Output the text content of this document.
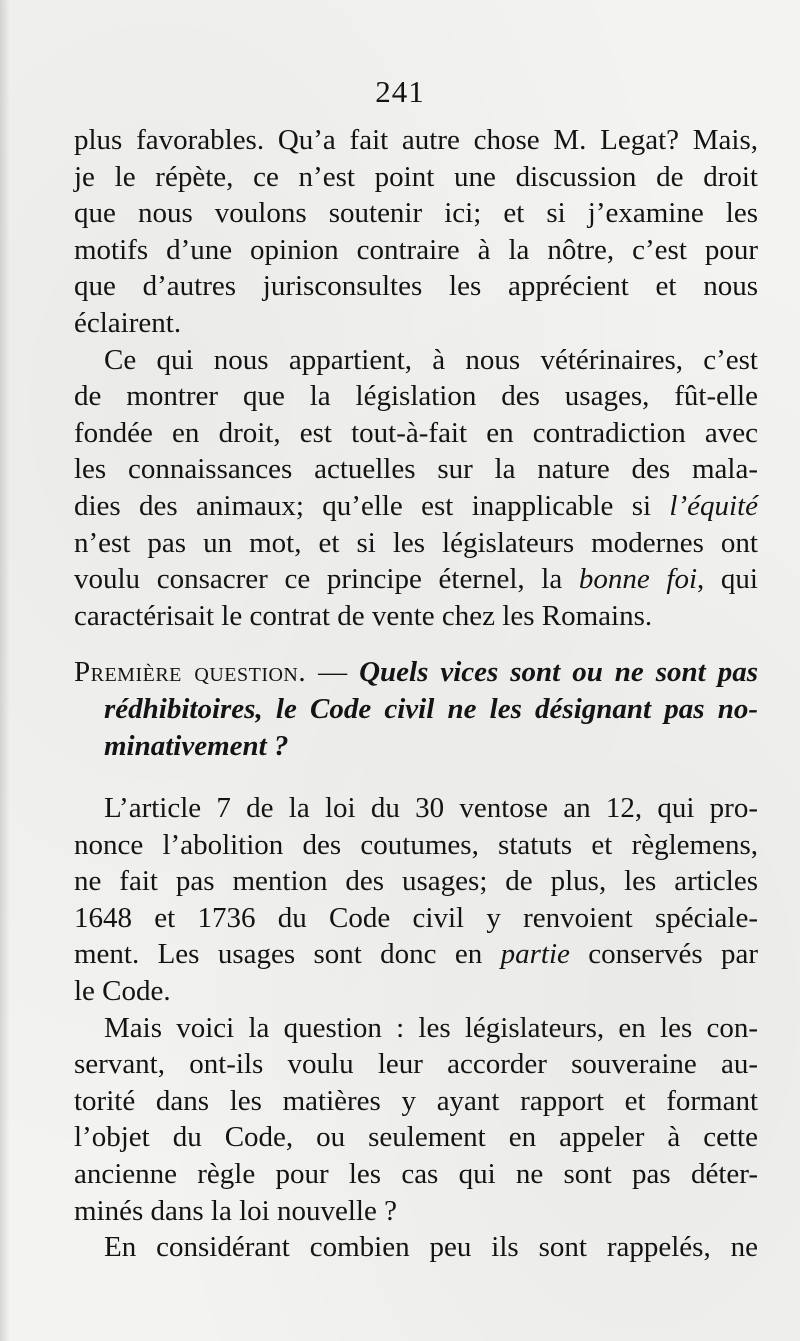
241
plus favorables. Qu’a fait autre chose M. Legat? Mais,
je le répète, ce n’est point une discussion de droit
que nous voulons soutenir ici; et si j’examine les
motifs d’une opinion contraire à la nôtre, c’est pour
que d’autres jurisconsultes les apprécient et nous
éclairent.
Ce qui nous appartient, à nous vétérinaires, c’est
de montrer que la législation des usages, fût-elle
fondée en droit, est tout-à-fait en contradiction avec
les connaissances actuelles sur la nature des mala-
dies des animaux; qu’elle est inapplicable si l’équité
n’est pas un mot, et si les législateurs modernes ont
voulu consacrer ce principe éternel, la bonne foi, qui
caractérisait le contrat de vente chez les Romains.
Première question. — Quels vices sont ou ne sont pas
rédhibitoires, le Code civil ne les désignant pas no-
minativement ?
L’article 7 de la loi du 30 ventose an 12, qui pro-
nonce l’abolition des coutumes, statuts et règlemens,
ne fait pas mention des usages; de plus, les articles
1648 et 1736 du Code civil y renvoient spéciale-
ment. Les usages sont donc en partie conservés par
le Code.
Mais voici la question : les législateurs, en les con-
servant, ont-ils voulu leur accorder souveraine au-
torité dans les matières y ayant rapport et formant
l’objet du Code, ou seulement en appeler à cette
ancienne règle pour les cas qui ne sont pas déter-
minés dans la loi nouvelle ?
En considérant combien peu ils sont rappelés, ne
